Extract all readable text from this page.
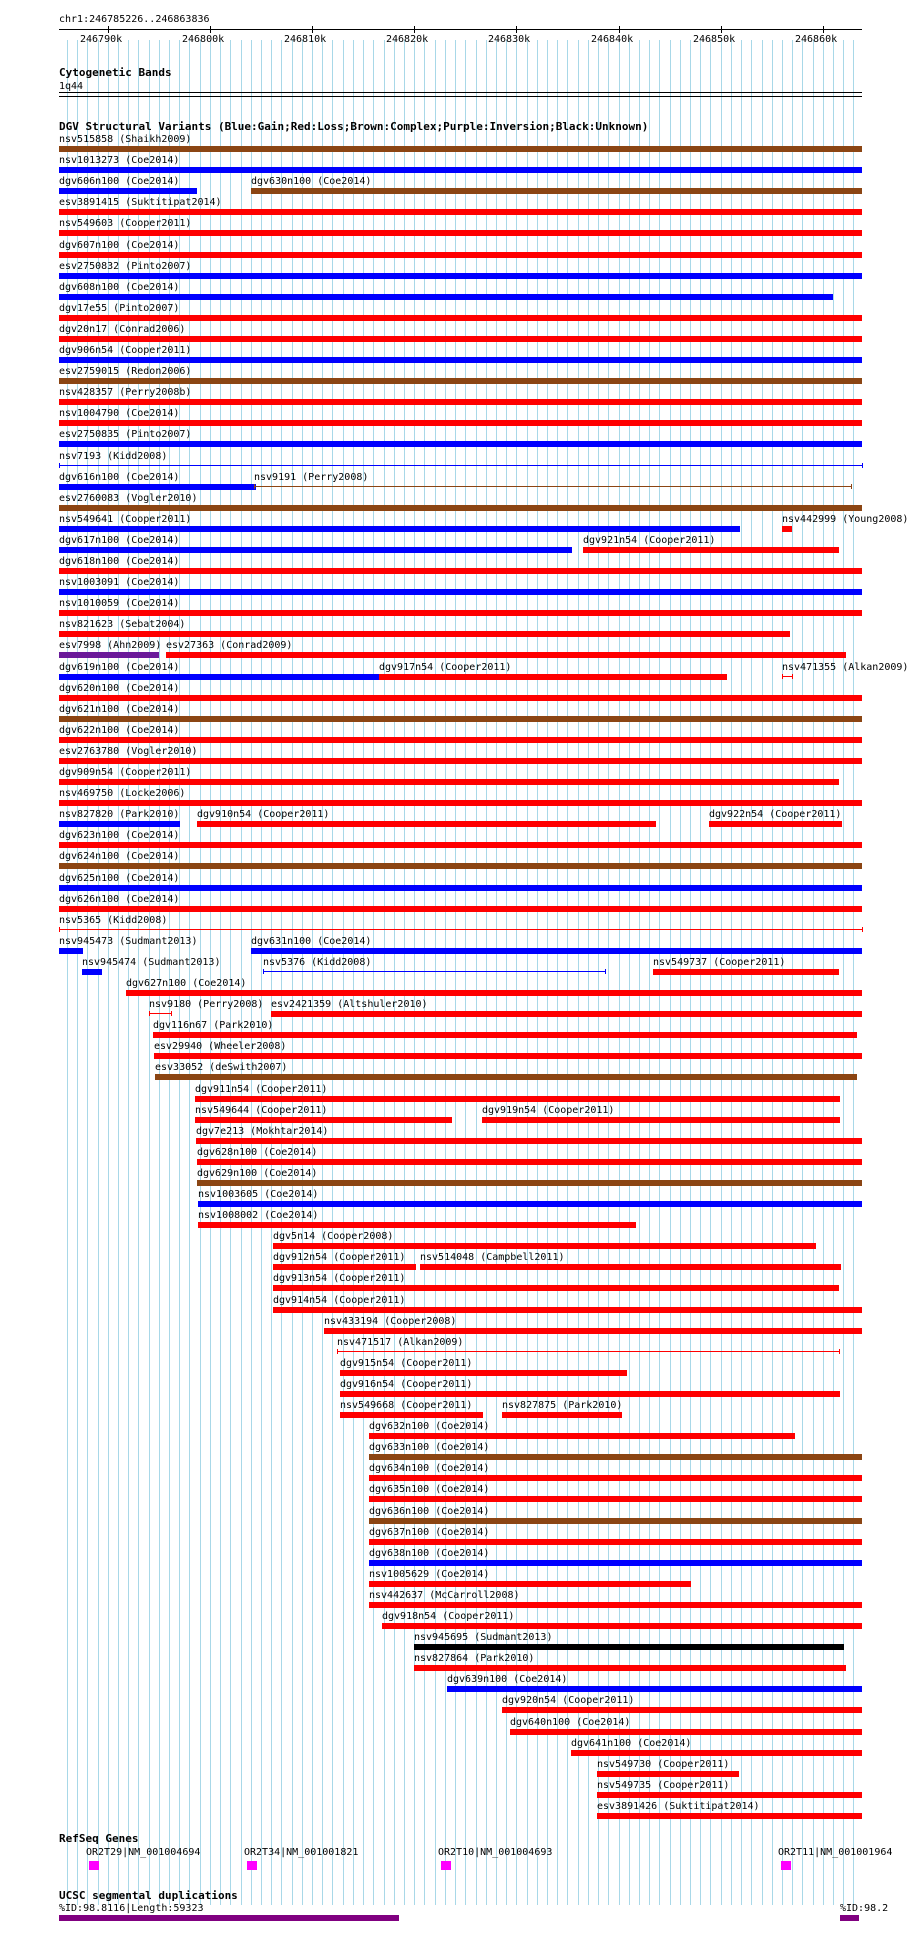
chr1:246785226..246863836
246790k	246800k	246810k	246820k	246830k	246840k	246850k	246860k
Cytogenetic Bands
1q44
DGV Structural Variants (Blue:Gain;Red:Loss;Brown:Complex;Purple:Inversion;Black:Unknown)
nsv515858 (Shaikh2009)
nsv1013273 (Coe2014)
dgv606n100 (Coe2014)	dgv630n100 (Coe2014)
esv3891415 (Suktitipat2014)
nsv549603 (Cooper2011)
dgv607n100 (Coe2014)
esv2750832 (Pinto2007)
dgv608n100 (Coe2014)
dgv17e55 (Pinto2007)
dgv20n17 (Conrad2006)
dgv906n54 (Cooper2011)
esv2759015 (Redon2006)
nsv428357 (Perry2008b)
nsv1004790 (Coe2014)
esv2750835 (Pinto2007)
nsv7193 (Kidd2008)
dgv616n100 (Coe2014)	nsv9191 (Perry2008)
esv2760083 (Vogler2010)
nsv549641 (Cooper2011)	nsv442999 (Young2008)
dgv617n100 (Coe2014)	dgv921n54 (Cooper2011)
dgv618n100 (Coe2014)
nsv1003091 (Coe2014)
nsv1010059 (Coe2014)
nsv821623 (Sebat2004)
esv7998 (Ahn2009) esv27363 (Conrad2009)
dgv619n100 (Coe2014)	dgv917n54 (Cooper2011)	nsv471355 (Alkan2009)
dgv620n100 (Coe2014)
dgv621n100 (Coe2014)
dgv622n100 (Coe2014)
esv2763780 (Vogler2010)
dgv909n54 (Cooper2011)
nsv469750 (Locke2006)
nsv827820 (Park2010) dgv910n54 (Cooper2011)	dgv922n54 (Cooper2011)
dgv623n100 (Coe2014)
dgv624n100 (Coe2014)
dgv625n100 (Coe2014)
dgv626n100 (Coe2014)
nsv5365 (Kidd2008)
nsv945473 (Sudmant2013)	dgv631n100 (Coe2014)
nsv945474 (Sudmant2013)	nsv5376 (Kidd2008)	nsv549737 (Cooper2011)
dgv627n100 (Coe2014)
nsv9180 (Perry2008) esv2421359 (Altshuler2010)
dgv116n67 (Park2010)
esv29940 (Wheeler2008)
esv33052 (deSwith2007)
dgv911n54 (Cooper2011)
nsv549644 (Cooper2011)	dgv919n54 (Cooper2011)
dgv7e213 (Mokhtar2014)
dgv628n100 (Coe2014)
dgv629n100 (Coe2014)
nsv1003605 (Coe2014)
nsv1008002 (Coe2014)
dgv5n14 (Cooper2008)
dgv912n54 (Cooper2011) nsv514048 (Campbell2011)
dgv913n54 (Cooper2011)
dgv914n54 (Cooper2011)
nsv433194 (Cooper2008)
nsv471517 (Alkan2009)
dgv915n54 (Cooper2011)
dgv916n54 (Cooper2011)
nsv549668 (Cooper2011)	nsv827875 (Park2010)
dgv632n100 (Coe2014)
dgv633n100 (Coe2014)
dgv634n100 (Coe2014)
dgv635n100 (Coe2014)
dgv636n100 (Coe2014)
dgv637n100 (Coe2014)
dgv638n100 (Coe2014)
nsv1005629 (Coe2014)
nsv442637 (McCarroll2008)
dgv918n54 (Cooper2011)
nsv945695 (Sudmant2013)
nsv827864 (Park2010)
dgv639n100 (Coe2014)
dgv920n54 (Cooper2011)
dgv640n100 (Coe2014)
dgv641n100 (Coe2014)
nsv549730 (Cooper2011)
nsv549735 (Cooper2011)
esv3891426 (Suktitipat2014)
RefSeq Genes
OR2T29|NM_001004694	OR2T34|NM_001001821	OR2T10|NM_001004693	OR2T11|NM_001001964
UCSC segmental duplications
%ID:98.8116|Length:59323	%ID:98.2
